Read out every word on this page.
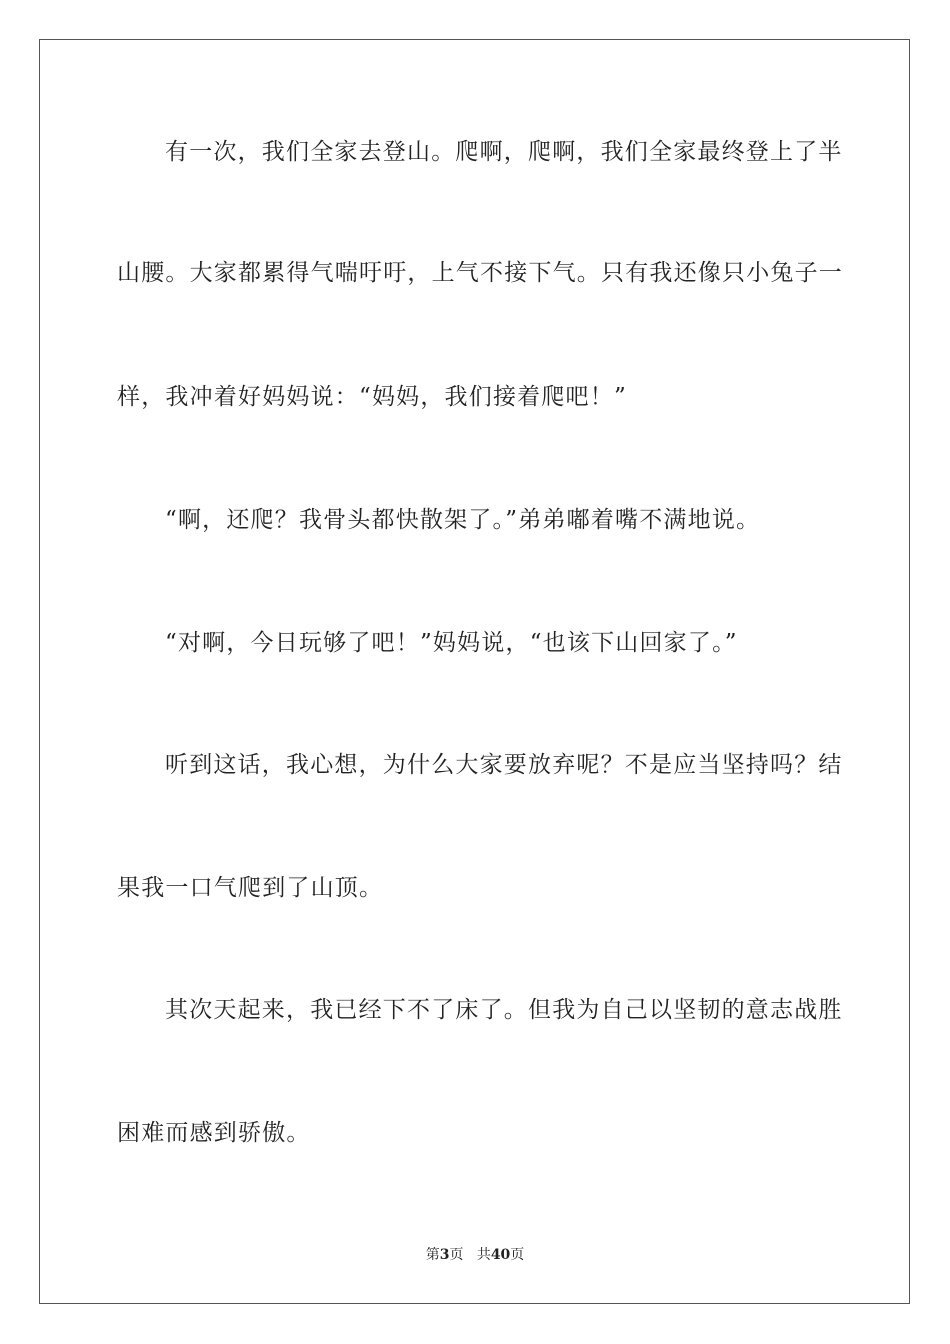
有一次，我们全家去登山。爬啊，爬啊，我们全家最终登上了半
山腰。大家都累得气喘吁吁，上气不接下气。只有我还像只小兔子一
样，我冲着好妈妈说：“妈妈，我们接着爬吧！”
“啊，还爬？我骨头都快散架了。”弟弟嘟着嘴不满地说。
“对啊，今日玩够了吧！”妈妈说，“也该下山回家了。”
听到这话，我心想，为什么大家要放弃呢？不是应当坚持吗？结
果我一口气爬到了山顶。
其次天起来，我已经下不了床了。但我为自己以坚韧的意志战胜
困难而感到骄傲。
第3页 共40页
